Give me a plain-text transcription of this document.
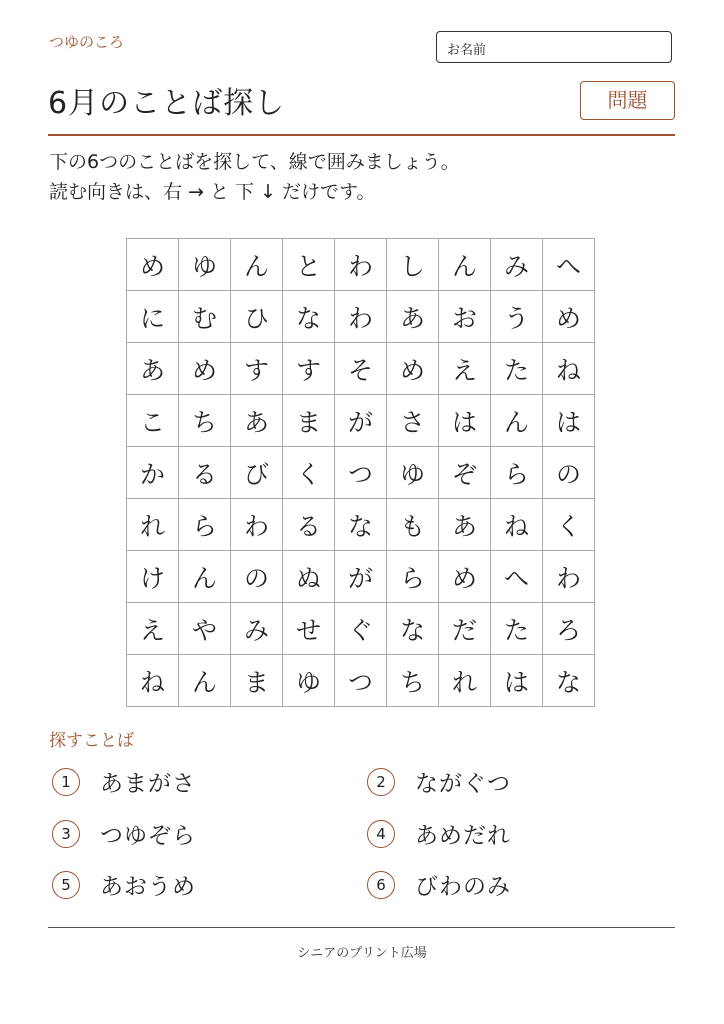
つゆのころ	お名前
6月のことば探し	問題
下の6つのことばを探して、線で囲みましょう。
読む向きは、右 → と 下 ↓ だけです。
め	ゆ	ん	と	わ	し	ん	み	へ
に	む	ひ	な	わ	あ	お	う	め
あ	め	す	す	そ	め	え	た	ね
こ	ち	あ	ま	が	さ	は	ん	は
か	る	び	く	つ	ゆ	ぞ	ら	の
れ	ら	わ	る	な	も	あ	ね	く
け	ん	の	ぬ	が	ら	め	へ	わ
え	や	み	せ	ぐ	な	だ	た	ろ
ね	ん	ま	ゆ	つ	ち	れ	は	な
探すことば
1	あまがさ	2	ながぐつ
3	つゆぞら	4	あめだれ
5	あおうめ	6	びわのみ
シニアのプリント広場
